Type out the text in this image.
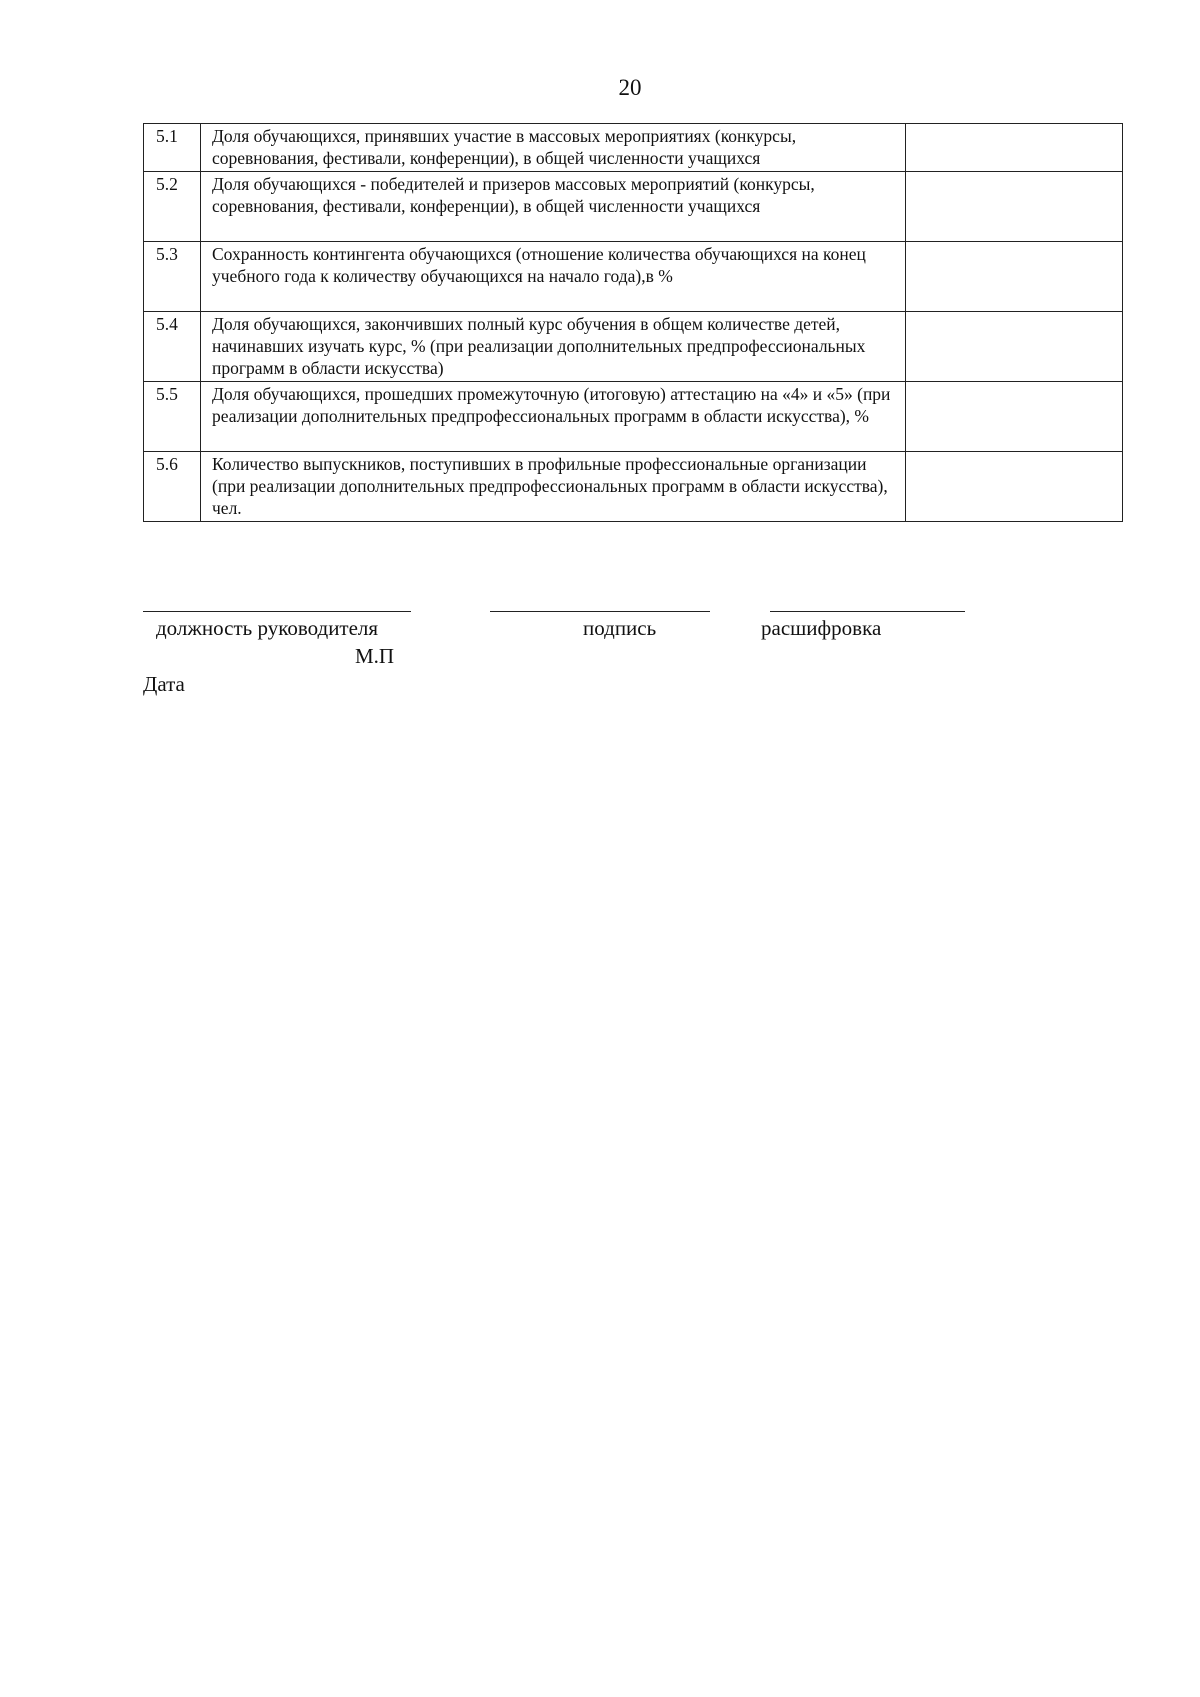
20
5.1	Доля обучающихся, принявших участие в массовых мероприятиях (конкурсы, соревнования, фестивали, конференции), в общей численности учащихся	
5.2	Доля обучающихся - победителей и призеров массовых мероприятий (конкурсы, соревнования, фестивали, конференции), в общей численности учащихся	
5.3	Сохранность контингента обучающихся (отношение количества обучающихся на конец учебного года к количеству обучающихся на начало года),в %	
5.4	Доля обучающихся, закончивших полный курс обучения в общем количестве детей, начинавших изучать курс, % (при реализации дополнительных предпрофессиональных программ в области искусства)	
5.5	Доля обучающихся, прошедших промежуточную (итоговую) аттестацию на «4» и «5» (при реализации дополнительных предпрофессиональных программ в области искусства), %	
5.6	Количество выпускников, поступивших в профильные профессиональные организации (при реализации дополнительных предпрофессиональных программ в области искусства), чел.	
должность руководителя	подпись	расшифровка
М.П
Дата
